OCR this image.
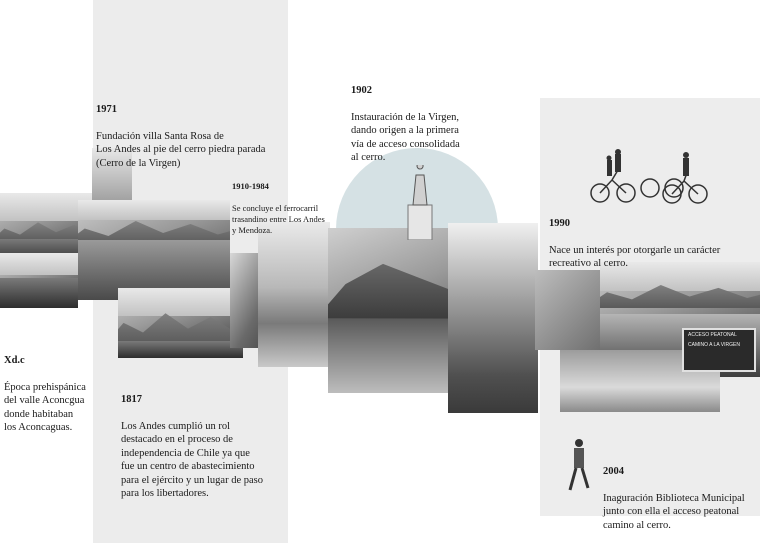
ACCESO PEATONAL
CAMINO A LA VIRGEN

1971

Fundación villa Santa Rosa de
Los Andes al pie del cerro piedra parada
(Cerro de la Virgen)

1902

Instauración de la Virgen,
dando origen a la primera
vía de acceso consolidada
al cerro.

1910-1984

Se concluye el ferrocarril
trasandino entre Los Andes
y Mendoza.

1990

Nace un interés por otorgarle un carácter
recreativo al cerro.

Xd.c

Época prehispánica
del valle Aconcgua
donde habitaban
los Aconcaguas.

1817

Los Andes cumplió un rol
destacado en el proceso de
independencia de Chile ya que
fue un centro de abastecimiento
para el ejército y un lugar de paso
para los libertadores.

2004

Inaguración Biblioteca Municipal
junto con ella el acceso peatonal
camino al cerro.
